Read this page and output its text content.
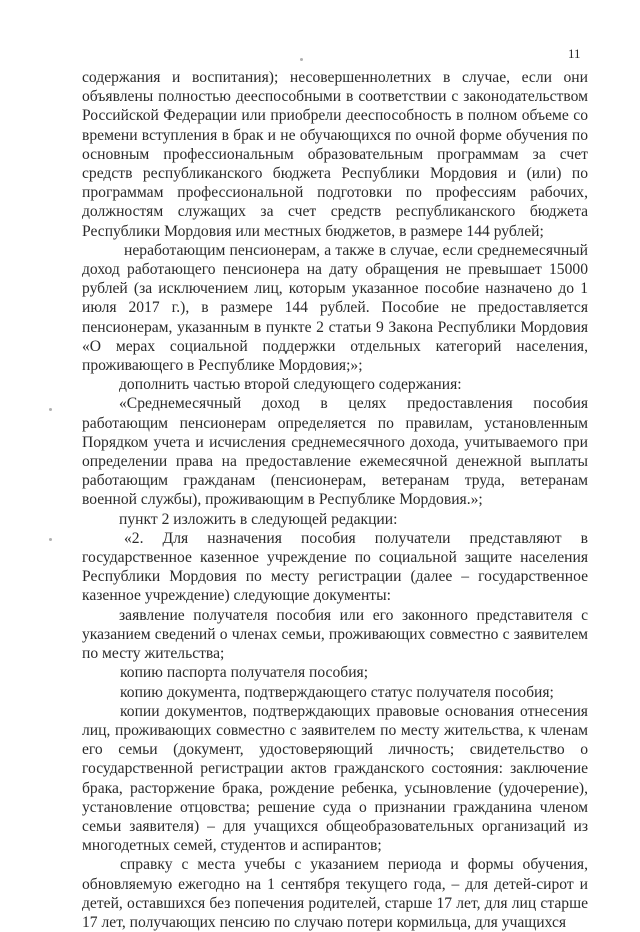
11

содержания и воспитания); несовершеннолетних в случае, если они объявлены полностью дееспособными в соответствии с законодательством Российской Федерации или приобрели дееспособность в полном объеме со времени вступления в брак и не обучающихся по очной форме обучения по основным профессиональным образовательным программам за счет средств республиканского бюджета Республики Мордовия и (или) по программам профессиональной подготовки по профессиям рабочих, должностям служащих за счет средств республиканского бюджета Республики Мордовия или местных бюджетов, в размере 144 рублей;

неработающим пенсионерам, а также в случае, если среднемесячный доход работающего пенсионера на дату обращения не превышает 15000 рублей (за исключением лиц, которым указанное пособие назначено до 1 июля 2017 г.), в размере 144 рублей. Пособие не предоставляется пенсионерам, указанным в пункте 2 статьи 9 Закона Республики Мордовия «О мерах социальной поддержки отдельных категорий населения, проживающего в Республике Мордовия;»;

дополнить частью второй следующего содержания:

«Среднемесячный доход в целях предоставления пособия работающим пенсионерам определяется по правилам, установленным Порядком учета и исчисления среднемесячного дохода, учитываемого при определении права на предоставление ежемесячной денежной выплаты работающим гражданам (пенсионерам, ветеранам труда, ветеранам военной службы), проживающим в Республике Мордовия.»;

пункт 2 изложить в следующей редакции:

«2. Для назначения пособия получатели представляют в государственное казенное учреждение по социальной защите населения Республики Мордовия по месту регистрации (далее – государственное казенное учреждение) следующие документы:

заявление получателя пособия или его законного представителя с указанием сведений о членах семьи, проживающих совместно с заявителем по месту жительства;

копию паспорта получателя пособия;

копию документа, подтверждающего статус получателя пособия;

копии документов, подтверждающих правовые основания отнесения лиц, проживающих совместно с заявителем по месту жительства, к членам его семьи (документ, удостоверяющий личность; свидетельство о государственной регистрации актов гражданского состояния: заключение брака, расторжение брака, рождение ребенка, усыновление (удочерение), установление отцовства; решение суда о признании гражданина членом семьи заявителя) – для учащихся общеобразовательных организаций из многодетных семей, студентов и аспирантов;

справку с места учебы с указанием периода и формы обучения, обновляемую ежегодно на 1 сентября текущего года, – для детей-сирот и детей, оставшихся без попечения родителей, старше 17 лет, для лиц старше 17 лет, получающих пенсию по случаю потери кормильца, для учащихся
